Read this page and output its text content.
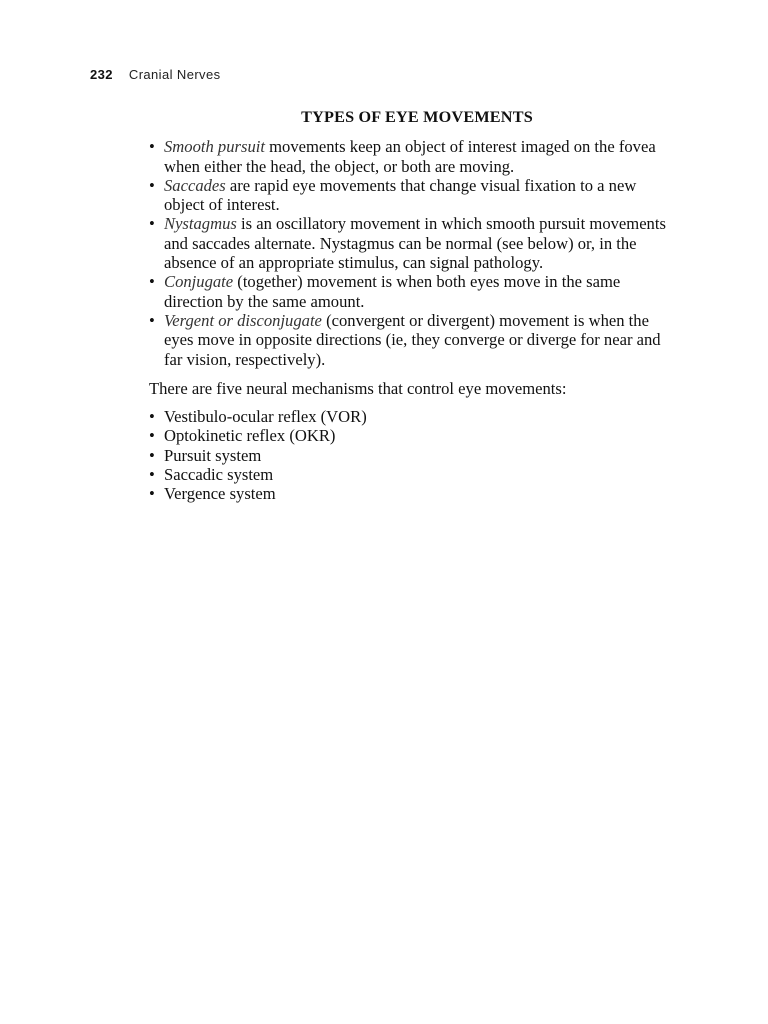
232 Cranial Nerves
TYPES OF EYE MOVEMENTS
• Smooth pursuit movements keep an object of interest imaged on the fovea when either the head, the object, or both are moving.
• Saccades are rapid eye movements that change visual fixation to a new object of interest.
• Nystagmus is an oscillatory movement in which smooth pursuit movements and saccades alternate. Nystagmus can be normal (see below) or, in the absence of an appropriate stimulus, can signal pathology.
• Conjugate (together) movement is when both eyes move in the same direction by the same amount.
• Vergent or disconjugate (convergent or divergent) movement is when the eyes move in opposite directions (ie, they converge or diverge for near and far vision, respectively).

There are five neural mechanisms that control eye movements:

• Vestibulo-ocular reflex (VOR)
• Optokinetic reflex (OKR)
• Pursuit system
• Saccadic system
• Vergence system
